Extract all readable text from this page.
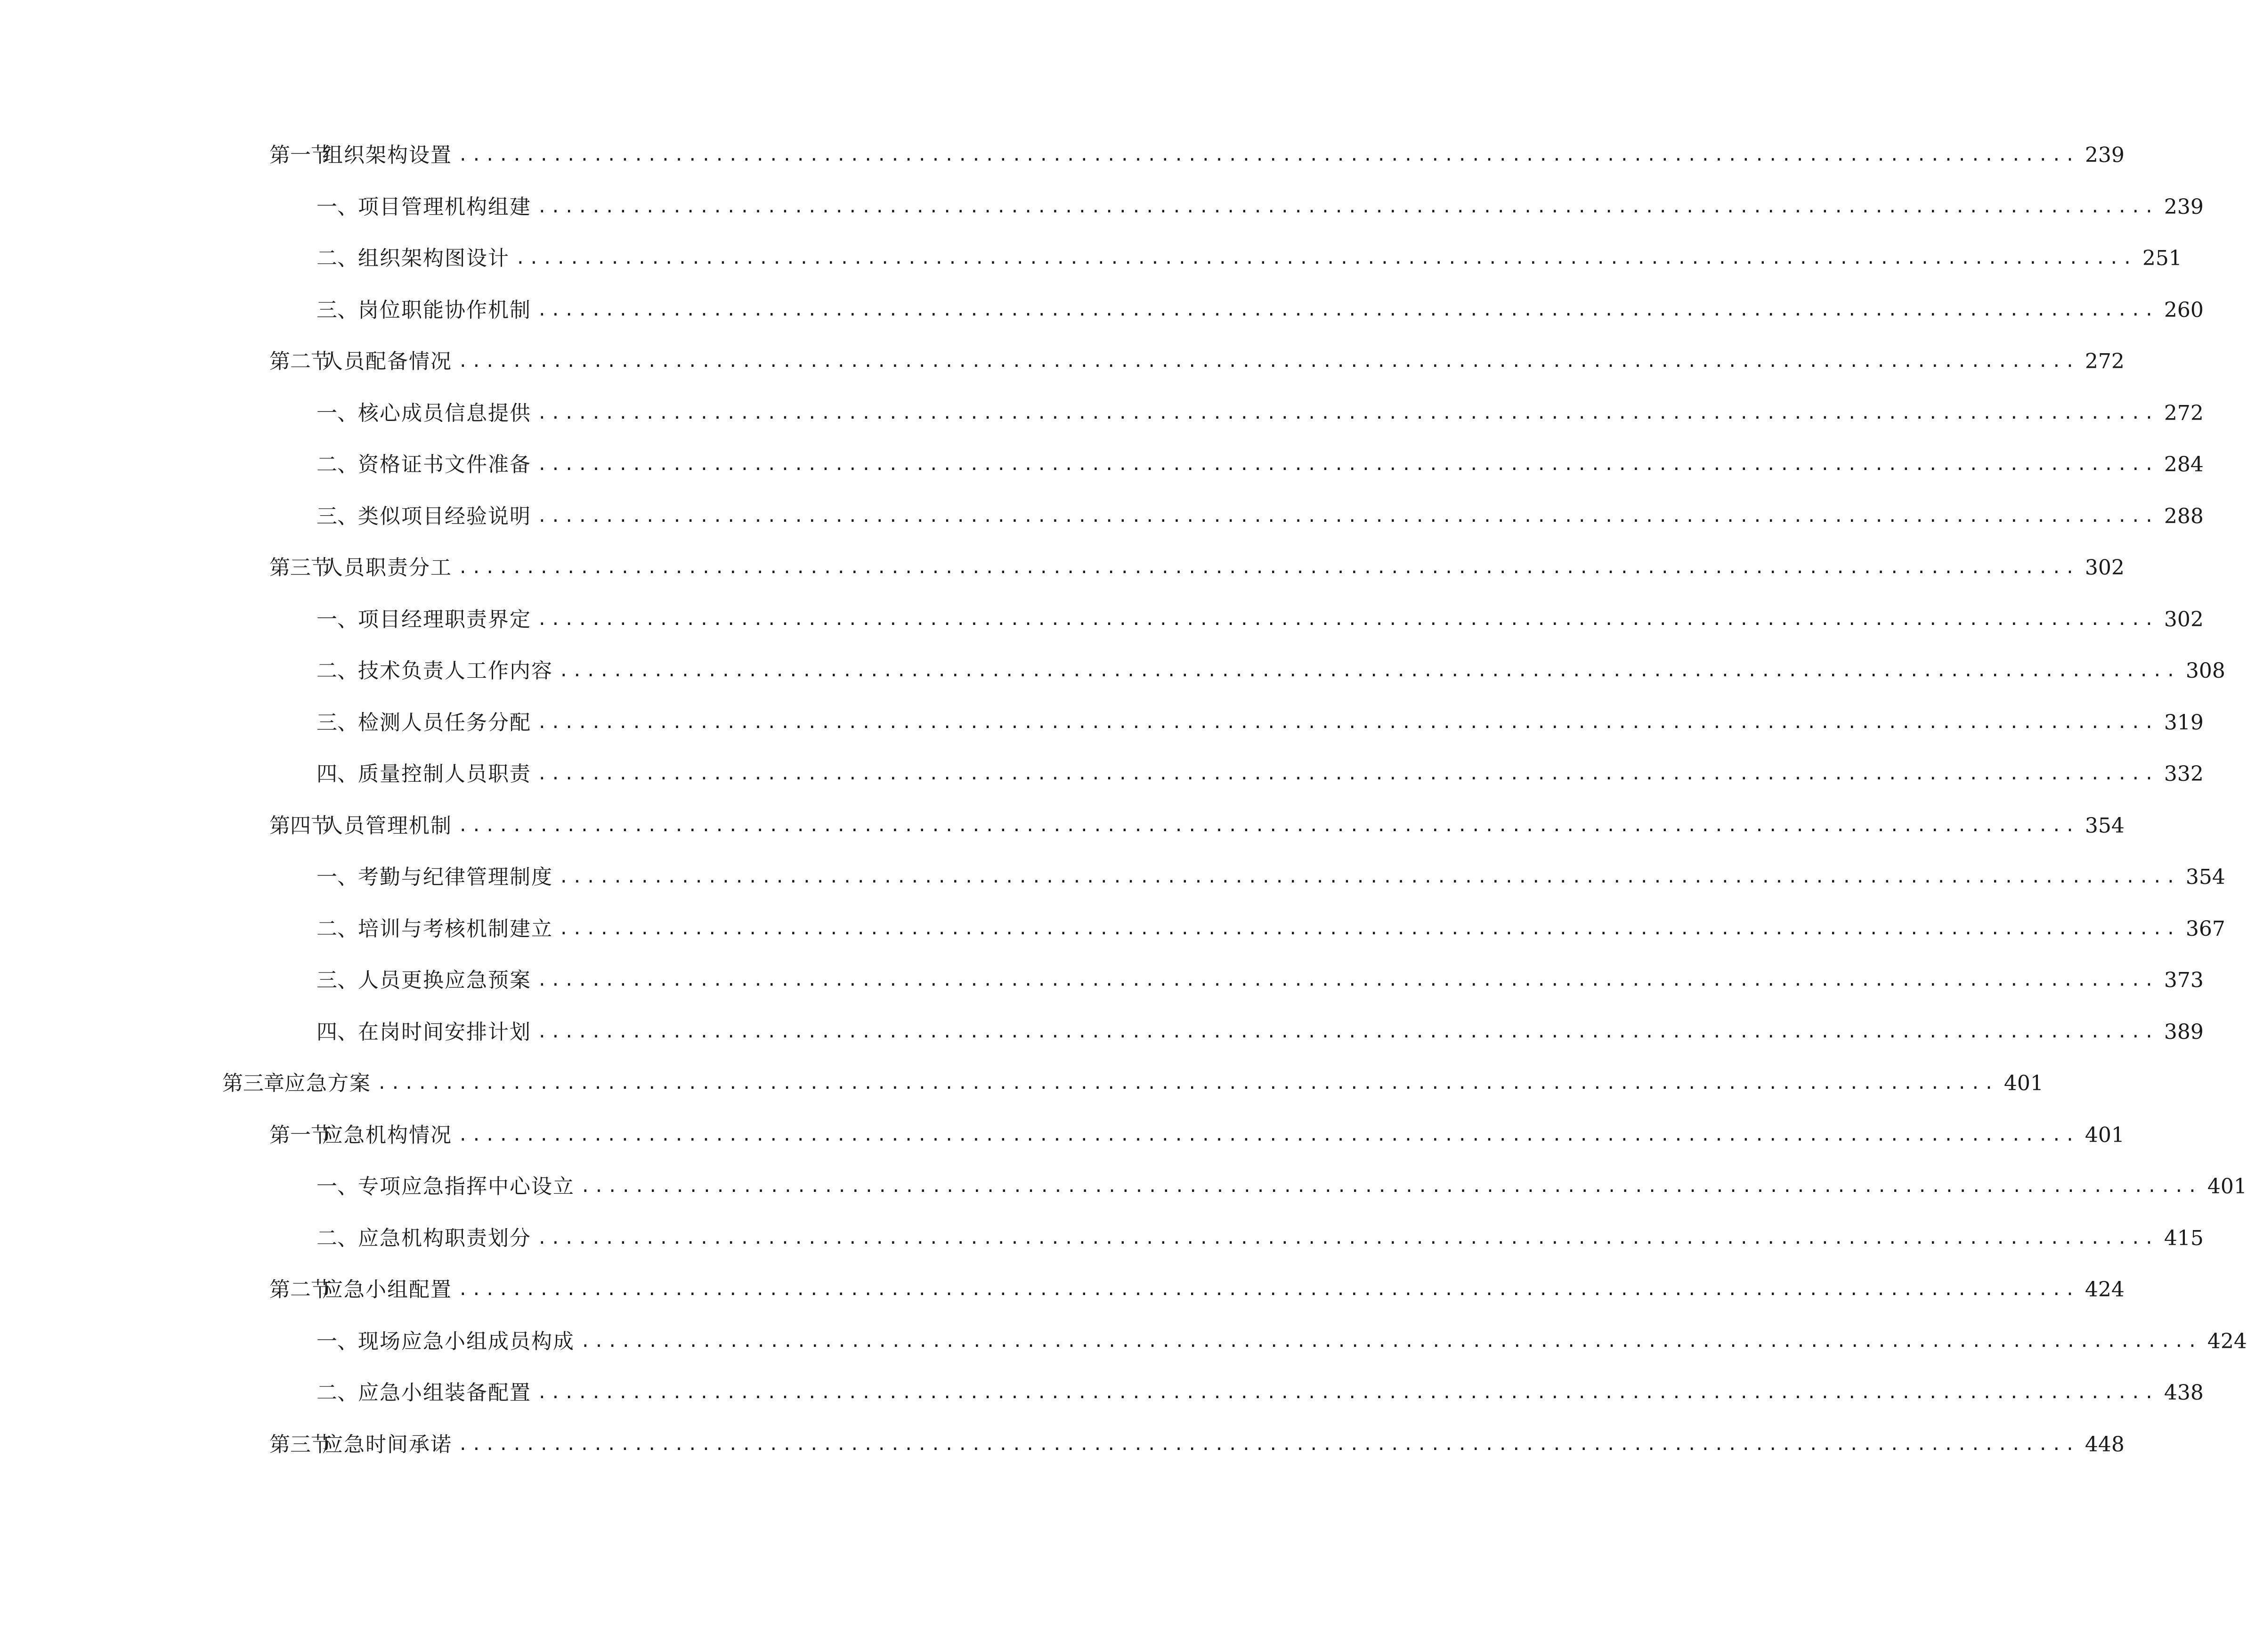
第一节
组织架构设置 ........................................................................................................................ 239
一、 项目管理机构组建 ........................................................................................................................ 239
二、 组织架构图设计 ........................................................................................................................ 251
三、 岗位职能协作机制 ........................................................................................................................ 260
第二节
人员配备情况 ........................................................................................................................ 272
一、 核心成员信息提供 ........................................................................................................................ 272
二、 资格证书文件准备 ........................................................................................................................ 284
三、 类似项目经验说明 ........................................................................................................................ 288
第三节
人员职责分工 ........................................................................................................................ 302
一、 项目经理职责界定 ........................................................................................................................ 302
二、 技术负责人工作内容 ........................................................................................................................ 308
三、 检测人员任务分配 ........................................................................................................................ 319
四、 质量控制人员职责 ........................................................................................................................ 332
第四节
人员管理机制 ........................................................................................................................ 354
一、 考勤与纪律管理制度 ........................................................................................................................ 354
二、 培训与考核机制建立 ........................................................................................................................ 367
三、 人员更换应急预案 ........................................................................................................................ 373
四、 在岗时间安排计划 ........................................................................................................................ 389
第三章 应急方案 ........................................................................................................................ 401
第一节
应急机构情况 ........................................................................................................................ 401
一、 专项应急指挥中心设立 ........................................................................................................................ 401
二、 应急机构职责划分 ........................................................................................................................ 415
第二节
应急小组配置 ........................................................................................................................ 424
一、 现场应急小组成员构成 ........................................................................................................................ 424
二、 应急小组装备配置 ........................................................................................................................ 438
第三节
应急时间承诺 ........................................................................................................................ 448
